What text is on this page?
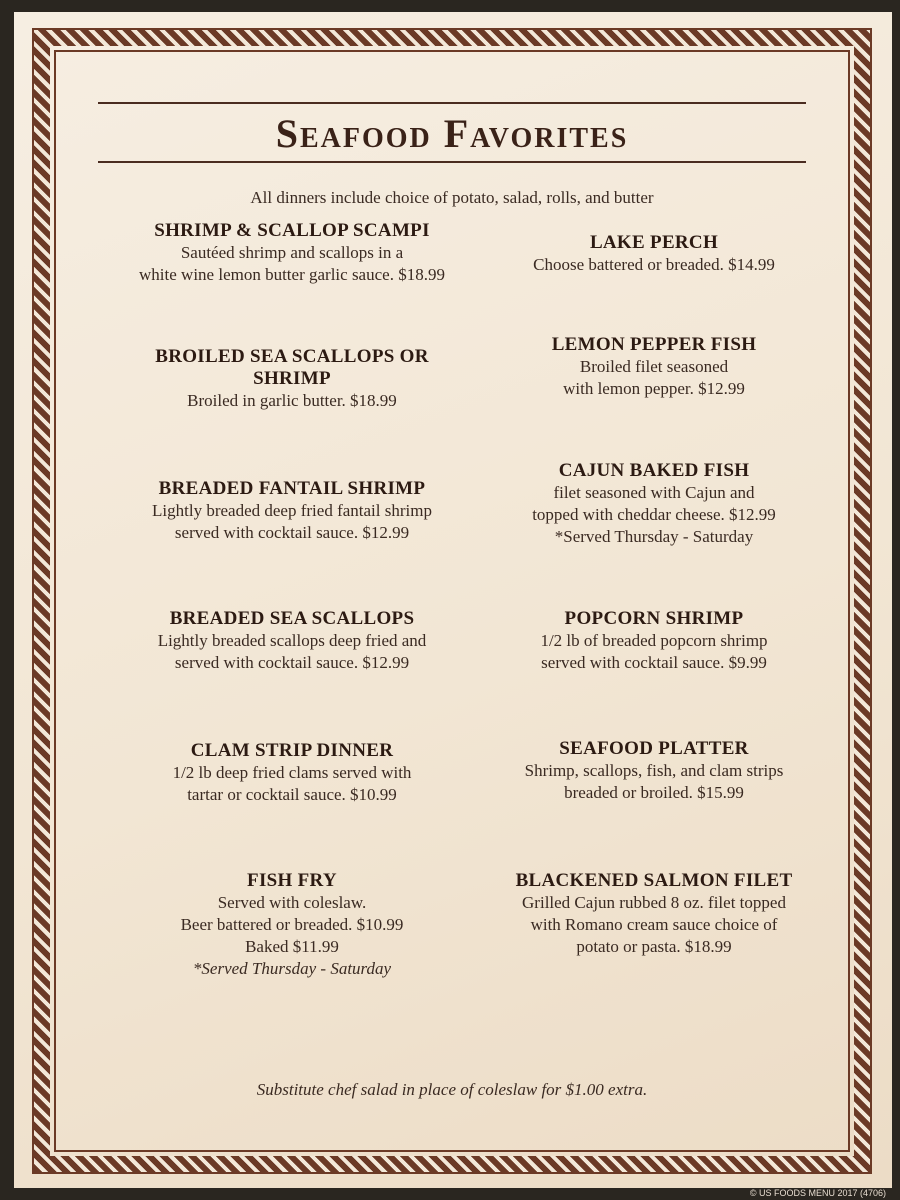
Seafood Favorites
All dinners include choice of potato, salad, rolls, and butter
SHRIMP & SCALLOP SCAMPI
Sautéed shrimp and scallops in a
white wine lemon butter garlic sauce. $18.99
BROILED SEA SCALLOPS OR SHRIMP
Broiled in garlic butter. $18.99
BREADED FANTAIL SHRIMP
Lightly breaded deep fried fantail shrimp
served with cocktail sauce. $12.99
BREADED SEA SCALLOPS
Lightly breaded scallops deep fried and
served with cocktail sauce. $12.99
CLAM STRIP DINNER
1/2 lb deep fried clams served with
tartar or cocktail sauce. $10.99
FISH FRY
Served with coleslaw.
Beer battered or breaded. $10.99
Baked $11.99
*Served Thursday - Saturday
LAKE PERCH
Choose battered or breaded. $14.99
LEMON PEPPER FISH
Broiled filet seasoned
with lemon pepper. $12.99
CAJUN BAKED FISH
filet seasoned with Cajun and
topped with cheddar cheese. $12.99
*Served Thursday - Saturday
POPCORN SHRIMP
1/2 lb of breaded popcorn shrimp
served with cocktail sauce. $9.99
SEAFOOD PLATTER
Shrimp, scallops, fish, and clam strips
breaded or broiled. $15.99
BLACKENED SALMON FILET
Grilled Cajun rubbed 8 oz. filet topped
with Romano cream sauce choice of
potato or pasta. $18.99
Substitute chef salad in place of coleslaw for $1.00 extra.
© US FOODS MENU 2017 (4706)
